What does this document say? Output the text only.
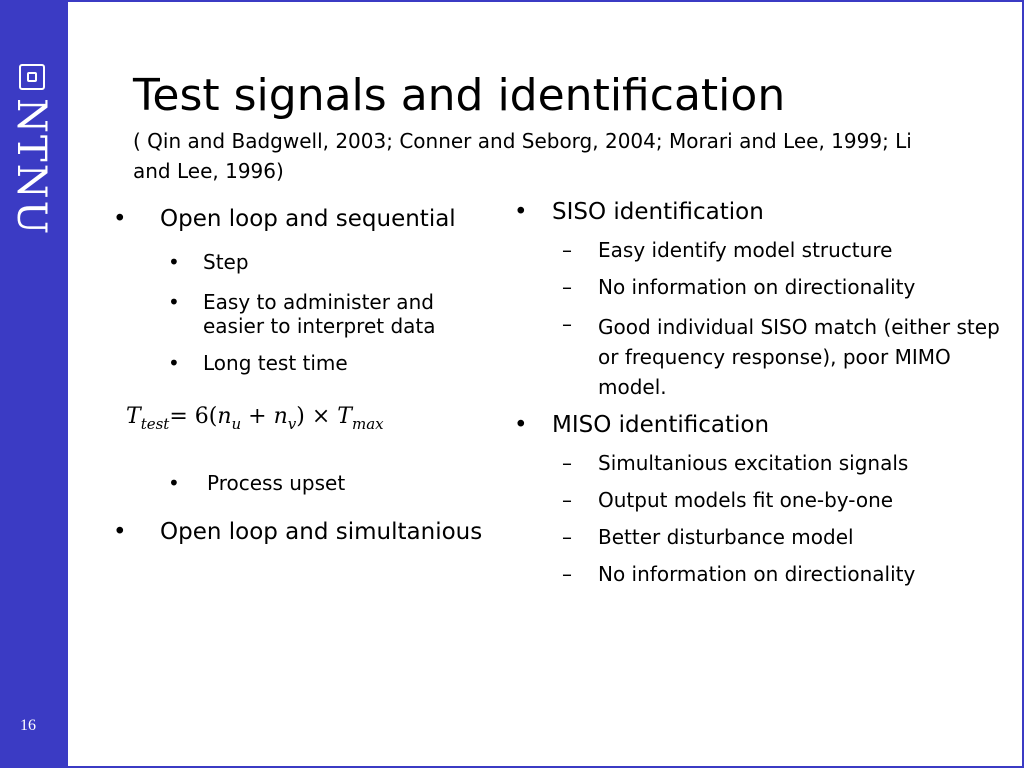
NTNU
16
Test signals and identification
( Qin and Badgwell, 2003; Conner and Seborg, 2004; Morari and Lee, 1999; Li and Lee, 1996)
• Open loop and sequential
• Step
• Easy to administer and easier to interpret data
• Long test time
$T_{test}= 6(n_u + n_v) \times T_{max}$
• Process upset
• Open loop and simultanious
• SISO identification
– Easy identify model structure
– No information on directionality
– Good individual SISO match (either step or frequency response), poor MIMO model.
• MISO identification
– Simultanious excitation signals
– Output models fit one-by-one
– Better disturbance model
– No information on directionality
